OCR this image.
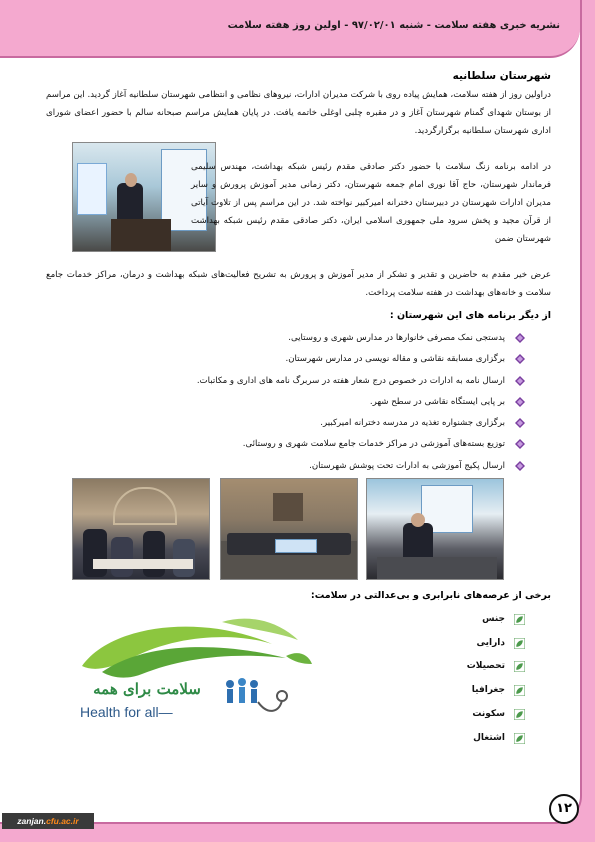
نشریه خبری هفته سلامت - شنبه ۹۷/۰۲/۰۱ - اولین روز هفته سلامت
شهرستان سلطانیه
دراولین روز از هفته سلامت، همایش پیاده روی با شرکت مدیران ادارات، نیروهای نظامی و انتظامی شهرستان سلطانیه آغاز گردید. این مراسم از بوستان شهدای گمنام شهرستان آغاز و در مقبره چلبی اوغلی خاتمه یافت. در پایان همایش مراسم صبحانه سالم با حضور اعضای شورای اداری شهرستان سلطانیه برگزارگردید.
در ادامه برنامه زنگ سلامت با حضور دکتر صادقی مقدم رئیس شبکه بهداشت، مهندس سلیمی فرماندار شهرستان، حاج آقا نوری امام جمعه شهرستان، دکتر زمانی مدیر آموزش پرورش و سایر مدیران ادارات شهرستان در دبیرستان دخترانه امیرکبیر نواخته شد. در این مراسم پس از تلاوت آیاتی از قرآن مجید و پخش سرود ملی جمهوری اسلامی ایران، دکتر صادقی مقدم رئیس شبکه بهداشت شهرستان ضمن
عرض خیر مقدم به حاضرین و تقدیر و تشکر از مدیر آموزش و پرورش به تشریح فعالیت‌های شبکه بهداشت و درمان، مراکز خدمات جامع سلامت و خانه‌های بهداشت در هفته سلامت پرداخت.
از دیگر برنامه های این شهرستان :
پدستجی نمک مصرفی خانوارها در مدارس شهری و روستایی.
برگزاری مسابقه نقاشی و مقاله نویسی در مدارس شهرستان.
ارسال نامه به ادارات در خصوص درج شعار هفته در سربرگ نامه های اداری و مکاتبات.
بر پایی ایستگاه نقاشی در سطح شهر.
برگزاری جشنواره تغذیه در مدرسه دخترانه امیرکبیر.
توزیع بسته‌های آموزشی در مراکز خدمات جامع سلامت شهری و روستائی.
ارسال پکیج آموزشی به ادارات تحت پوشش شهرستان.
برخی از عرصه‌های نابرابری و بی‌عدالتی در سلامت:
جنس
دارایی
تحصیلات
جغرافیا
سکونت
اشتغال
سلامت برای همه
Health for all—
۱۲
zanjan.cfu.ac.ir
